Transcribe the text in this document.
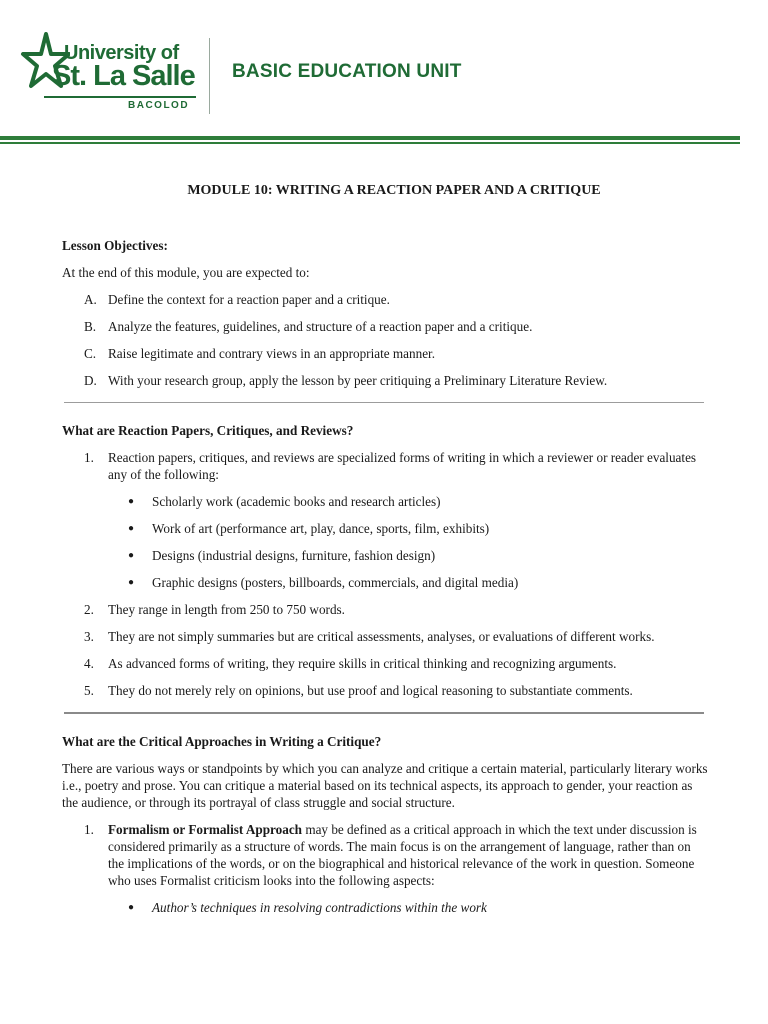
University of
St. La Salle
BACOLOD
BASIC EDUCATION UNIT
MODULE 10: WRITING A REACTION PAPER AND A CRITIQUE
Lesson Objectives:
At the end of this module, you are expected to:
A. Define the context for a reaction paper and a critique.
B. Analyze the features, guidelines, and structure of a reaction paper and a critique.
C. Raise legitimate and contrary views in an appropriate manner.
D. With your research group, apply the lesson by peer critiquing a Preliminary Literature Review.
What are Reaction Papers, Critiques, and Reviews?
1. Reaction papers, critiques, and reviews are specialized forms of writing in which a reviewer or reader evaluates any of the following:
● Scholarly work (academic books and research articles)
● Work of art (performance art, play, dance, sports, film, exhibits)
● Designs (industrial designs, furniture, fashion design)
● Graphic designs (posters, billboards, commercials, and digital media)
2. They range in length from 250 to 750 words.
3. They are not simply summaries but are critical assessments, analyses, or evaluations of different works.
4. As advanced forms of writing, they require skills in critical thinking and recognizing arguments.
5. They do not merely rely on opinions, but use proof and logical reasoning to substantiate comments.
What are the Critical Approaches in Writing a Critique?
There are various ways or standpoints by which you can analyze and critique a certain material, particularly literary works i.e., poetry and prose. You can critique a material based on its technical aspects, its approach to gender, your reaction as the audience, or through its portrayal of class struggle and social structure.
1. Formalism or Formalist Approach may be defined as a critical approach in which the text under discussion is considered primarily as a structure of words. The main focus is on the arrangement of language, rather than on the implications of the words, or on the biographical and historical relevance of the work in question. Someone who uses Formalist criticism looks into the following aspects:
● Author’s techniques in resolving contradictions within the work
